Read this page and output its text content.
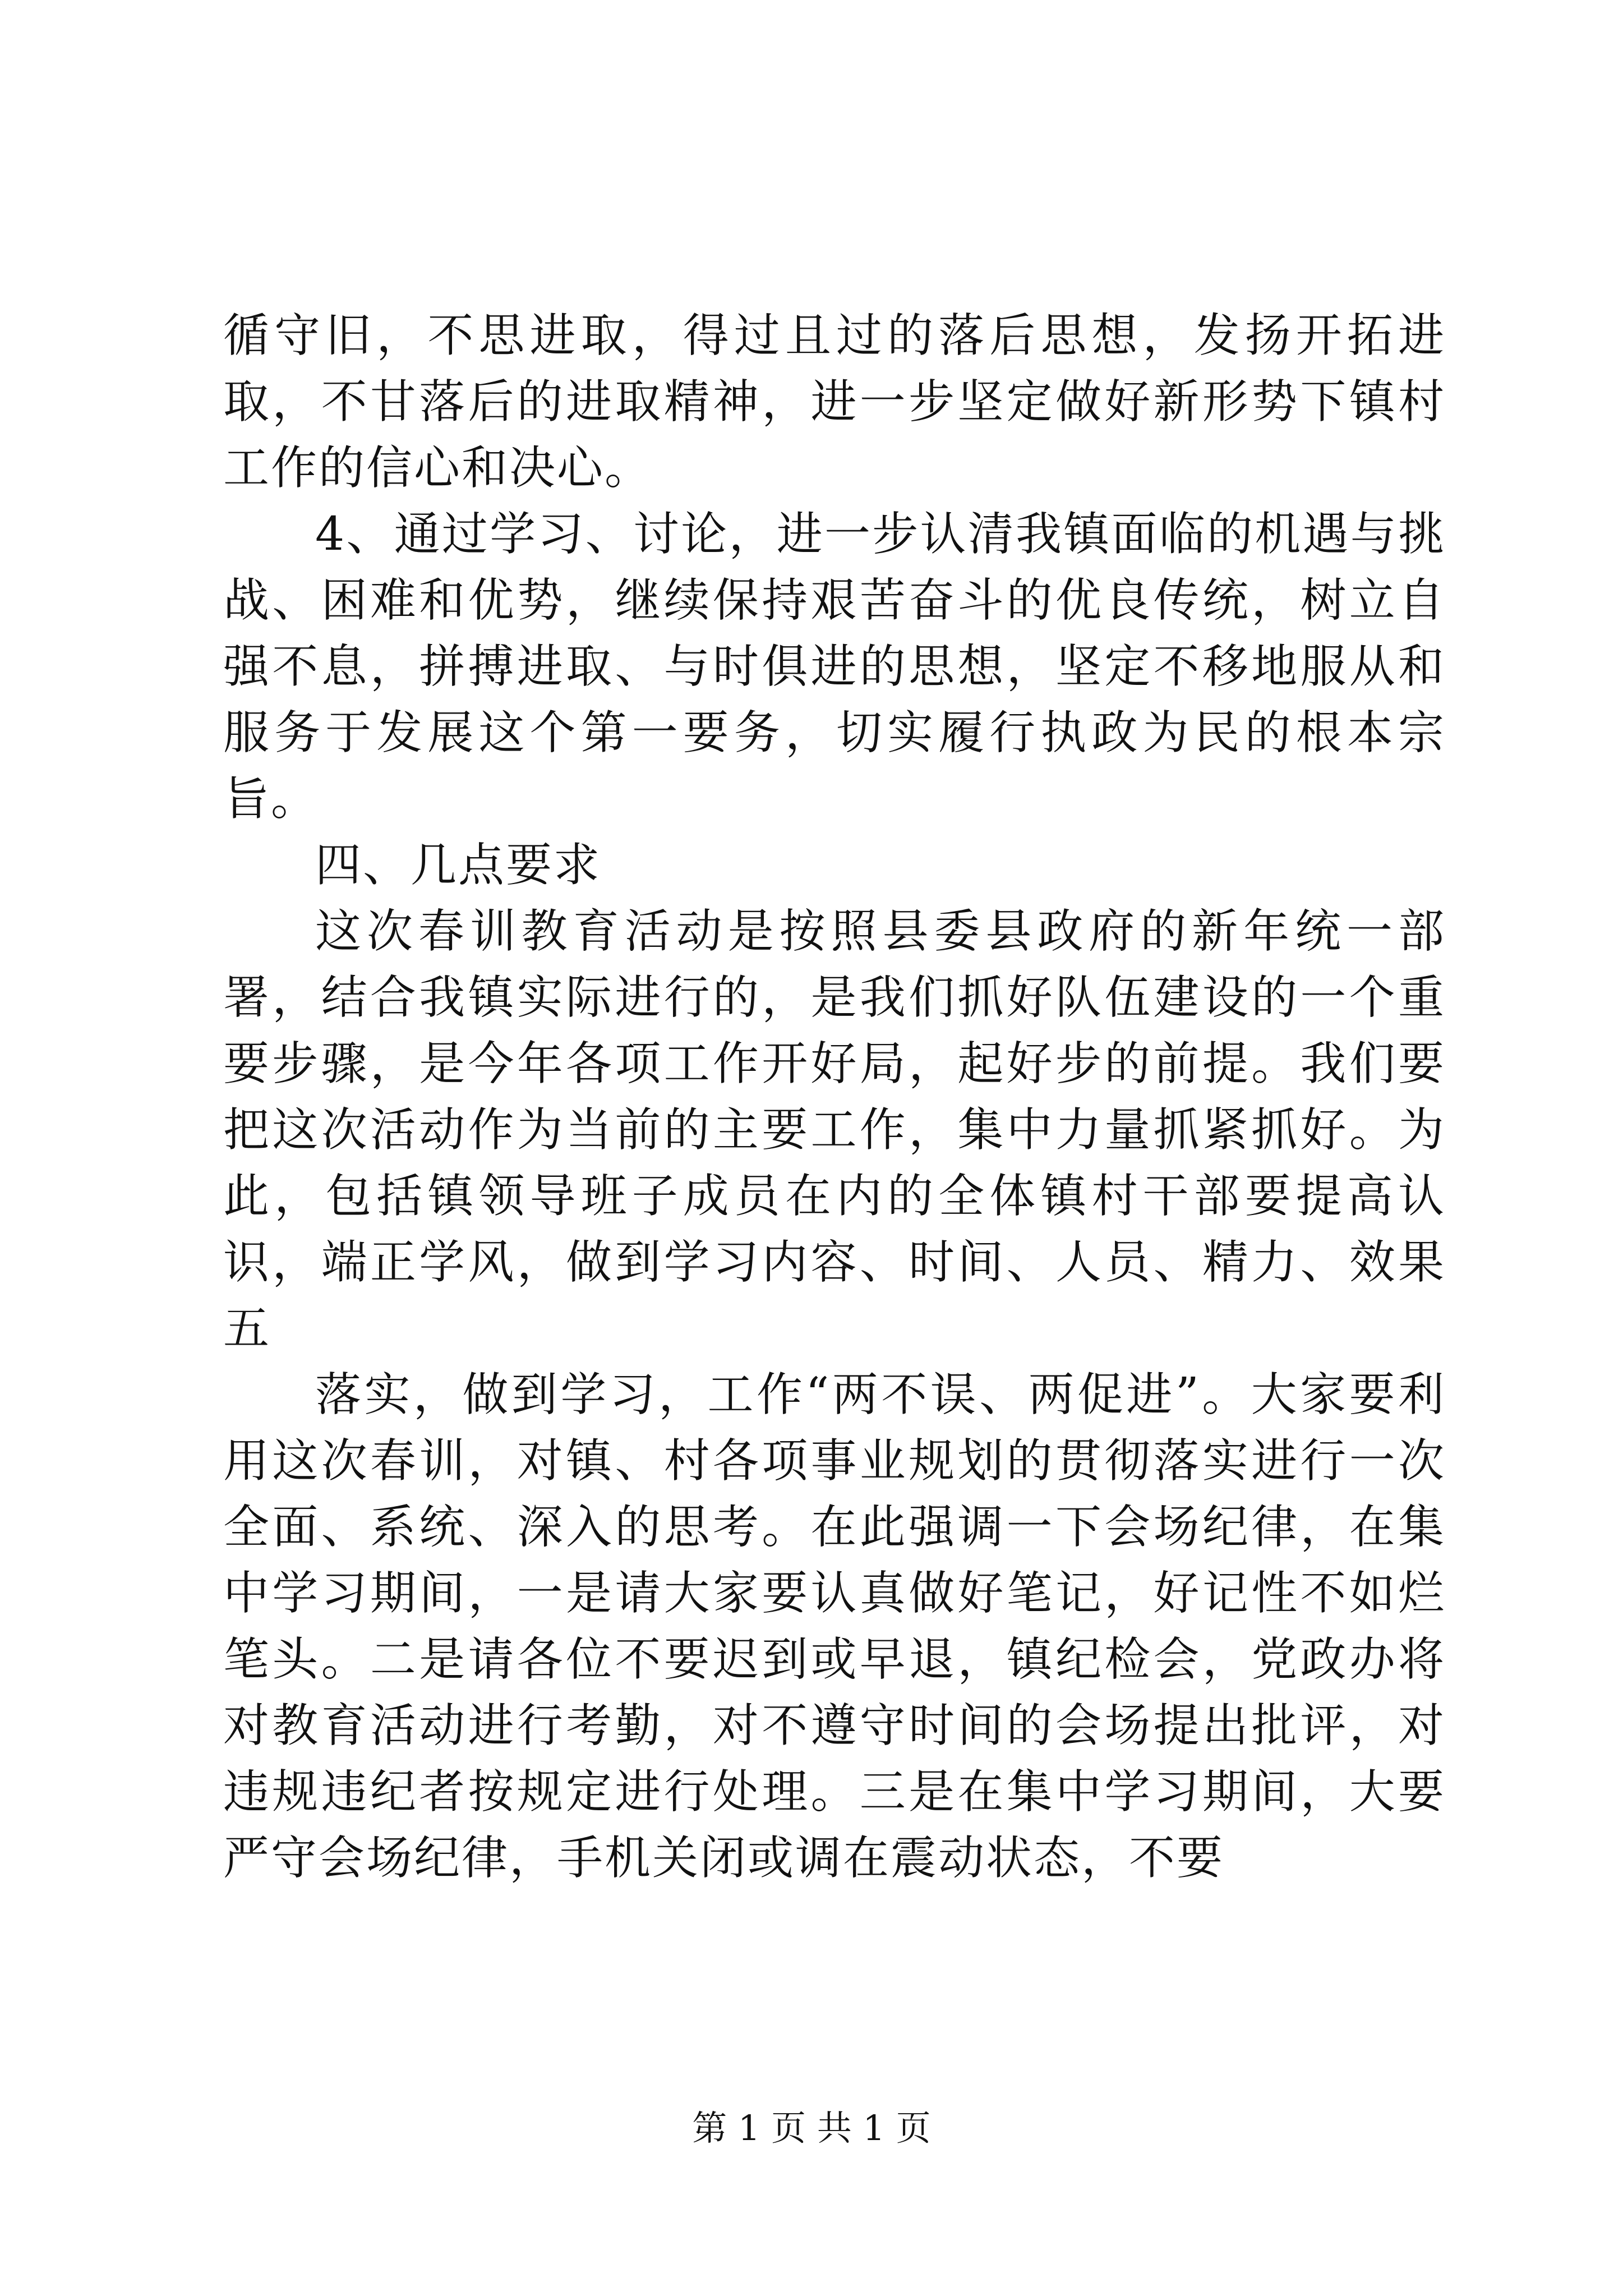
循守旧，不思进取，得过且过的落后思想，发扬开拓进取，不甘落后的进取精神，进一步坚定做好新形势下镇村工作的信心和决心。

4、通过学习、讨论，进一步认清我镇面临的机遇与挑战、困难和优势，继续保持艰苦奋斗的优良传统，树立自强不息，拼搏进取、与时俱进的思想，坚定不移地服从和服务于发展这个第一要务，切实履行执政为民的根本宗旨。

四、几点要求

这次春训教育活动是按照县委县政府的新年统一部署，结合我镇实际进行的，是我们抓好队伍建设的一个重要步骤，是今年各项工作开好局，起好步的前提。我们要把这次活动作为当前的主要工作，集中力量抓紧抓好。为此，包括镇领导班子成员在内的全体镇村干部要提高认识，端正学风，做到学习内容、时间、人员、精力、效果五

落实，做到学习，工作“两不误、两促进”。大家要利用这次春训，对镇、村各项事业规划的贯彻落实进行一次全面、系统、深入的思考。在此强调一下会场纪律，在集中学习期间，一是请大家要认真做好笔记，好记性不如烂笔头。二是请各位不要迟到或早退，镇纪检会，党政办将对教育活动进行考勤，对不遵守时间的会场提出批评，对违规违纪者按规定进行处理。三是在集中学习期间，大要严守会场纪律，手机关闭或调在震动状态，不要

第 1 页 共 1 页
